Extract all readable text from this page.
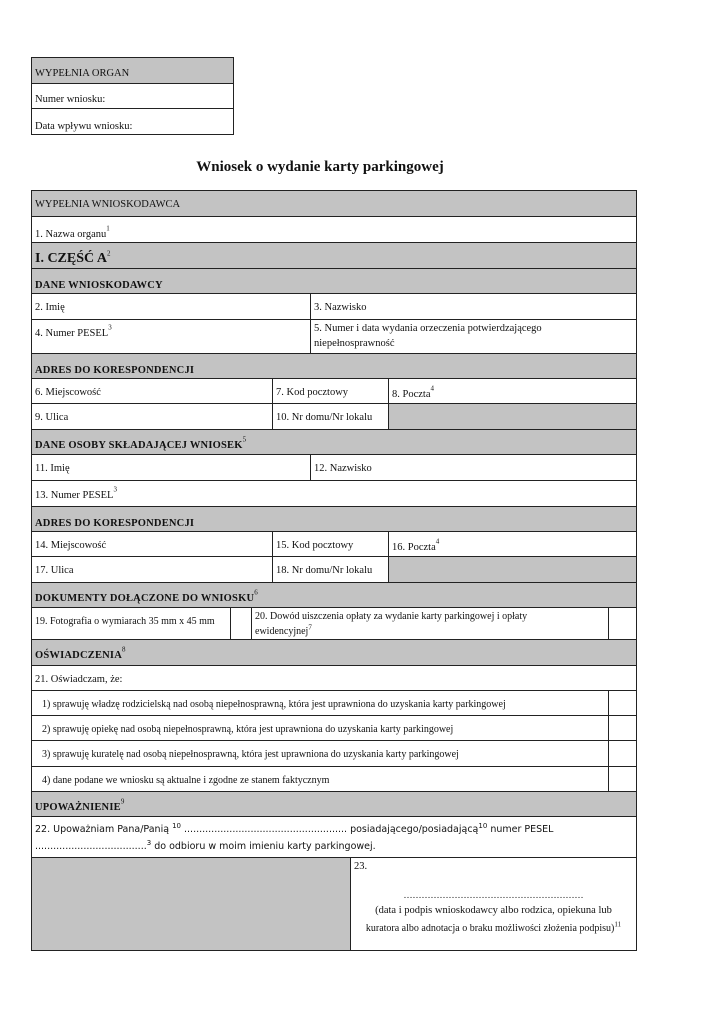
WYPEŁNIA ORGAN
Numer wniosku:
Data wpływu wniosku:
Wniosek o wydanie karty parkingowej
WYPEŁNIA WNIOSKODAWCA
1. Nazwa organu$^1$
I. CZĘŚĆ $A^2$
DANE WNIOSKODAWCY
2. Imię	3. Nazwisko
4. Numer PESEL$^3$	5. Numer i data wydania orzeczenia potwierdzającego
niepełnosprawność
ADRES DO KORESPONDENCJI
6. Miejscowość	7. Kod pocztowy	8. Poczta$^4$
9. Ulica	10. Nr domu/Nr lokalu
DANE OSOBY SKŁADAJĄCEJ WNIOSEK$^5$
11. Imię	12. Nazwisko
13. Numer PESEL$^3$
ADRES DO KORESPONDENCJI
14. Miejscowość	15. Kod pocztowy	16. Poczta$^4$
17. Ulica	18. Nr domu/Nr lokalu
DOKUMENTY DOŁĄCZONE DO WNIOSKU$^6$
19. Fotografia o wymiarach 35 mm x 45 mm	20. Dowód uiszczenia opłaty za wydanie karty parkingowej i opłaty
ewidencyjnej$^7$
OŚWIADCZENIA$^8$
21. Oświadczam, że:
1) sprawuję władzę rodzicielską nad osobą niepełnosprawną, która jest uprawniona do uzyskania karty parkingowej
2) sprawuję opiekę nad osobą niepełnosprawną, która jest uprawniona do uzyskania karty parkingowej
3) sprawuję kuratelę nad osobą niepełnosprawną, która jest uprawniona do uzyskania karty parkingowej
4) dane podane we wniosku są aktualne i zgodne ze stanem faktycznym
UPOWAŻNIENIE$^9$
22. Upoważniam Pana/Panią $^{10}$ ...................................................... posiadającego/posiadającą$^{10}$ numer PESEL
.....................................$^3$ do odbioru w moim imieniu karty parkingowej.
23.
……………………………………………………
(data i podpis wnioskodawcy albo rodzica, opiekuna lub
kuratora albo adnotacja o braku możliwości złożenia podpisu)$^{11}$
